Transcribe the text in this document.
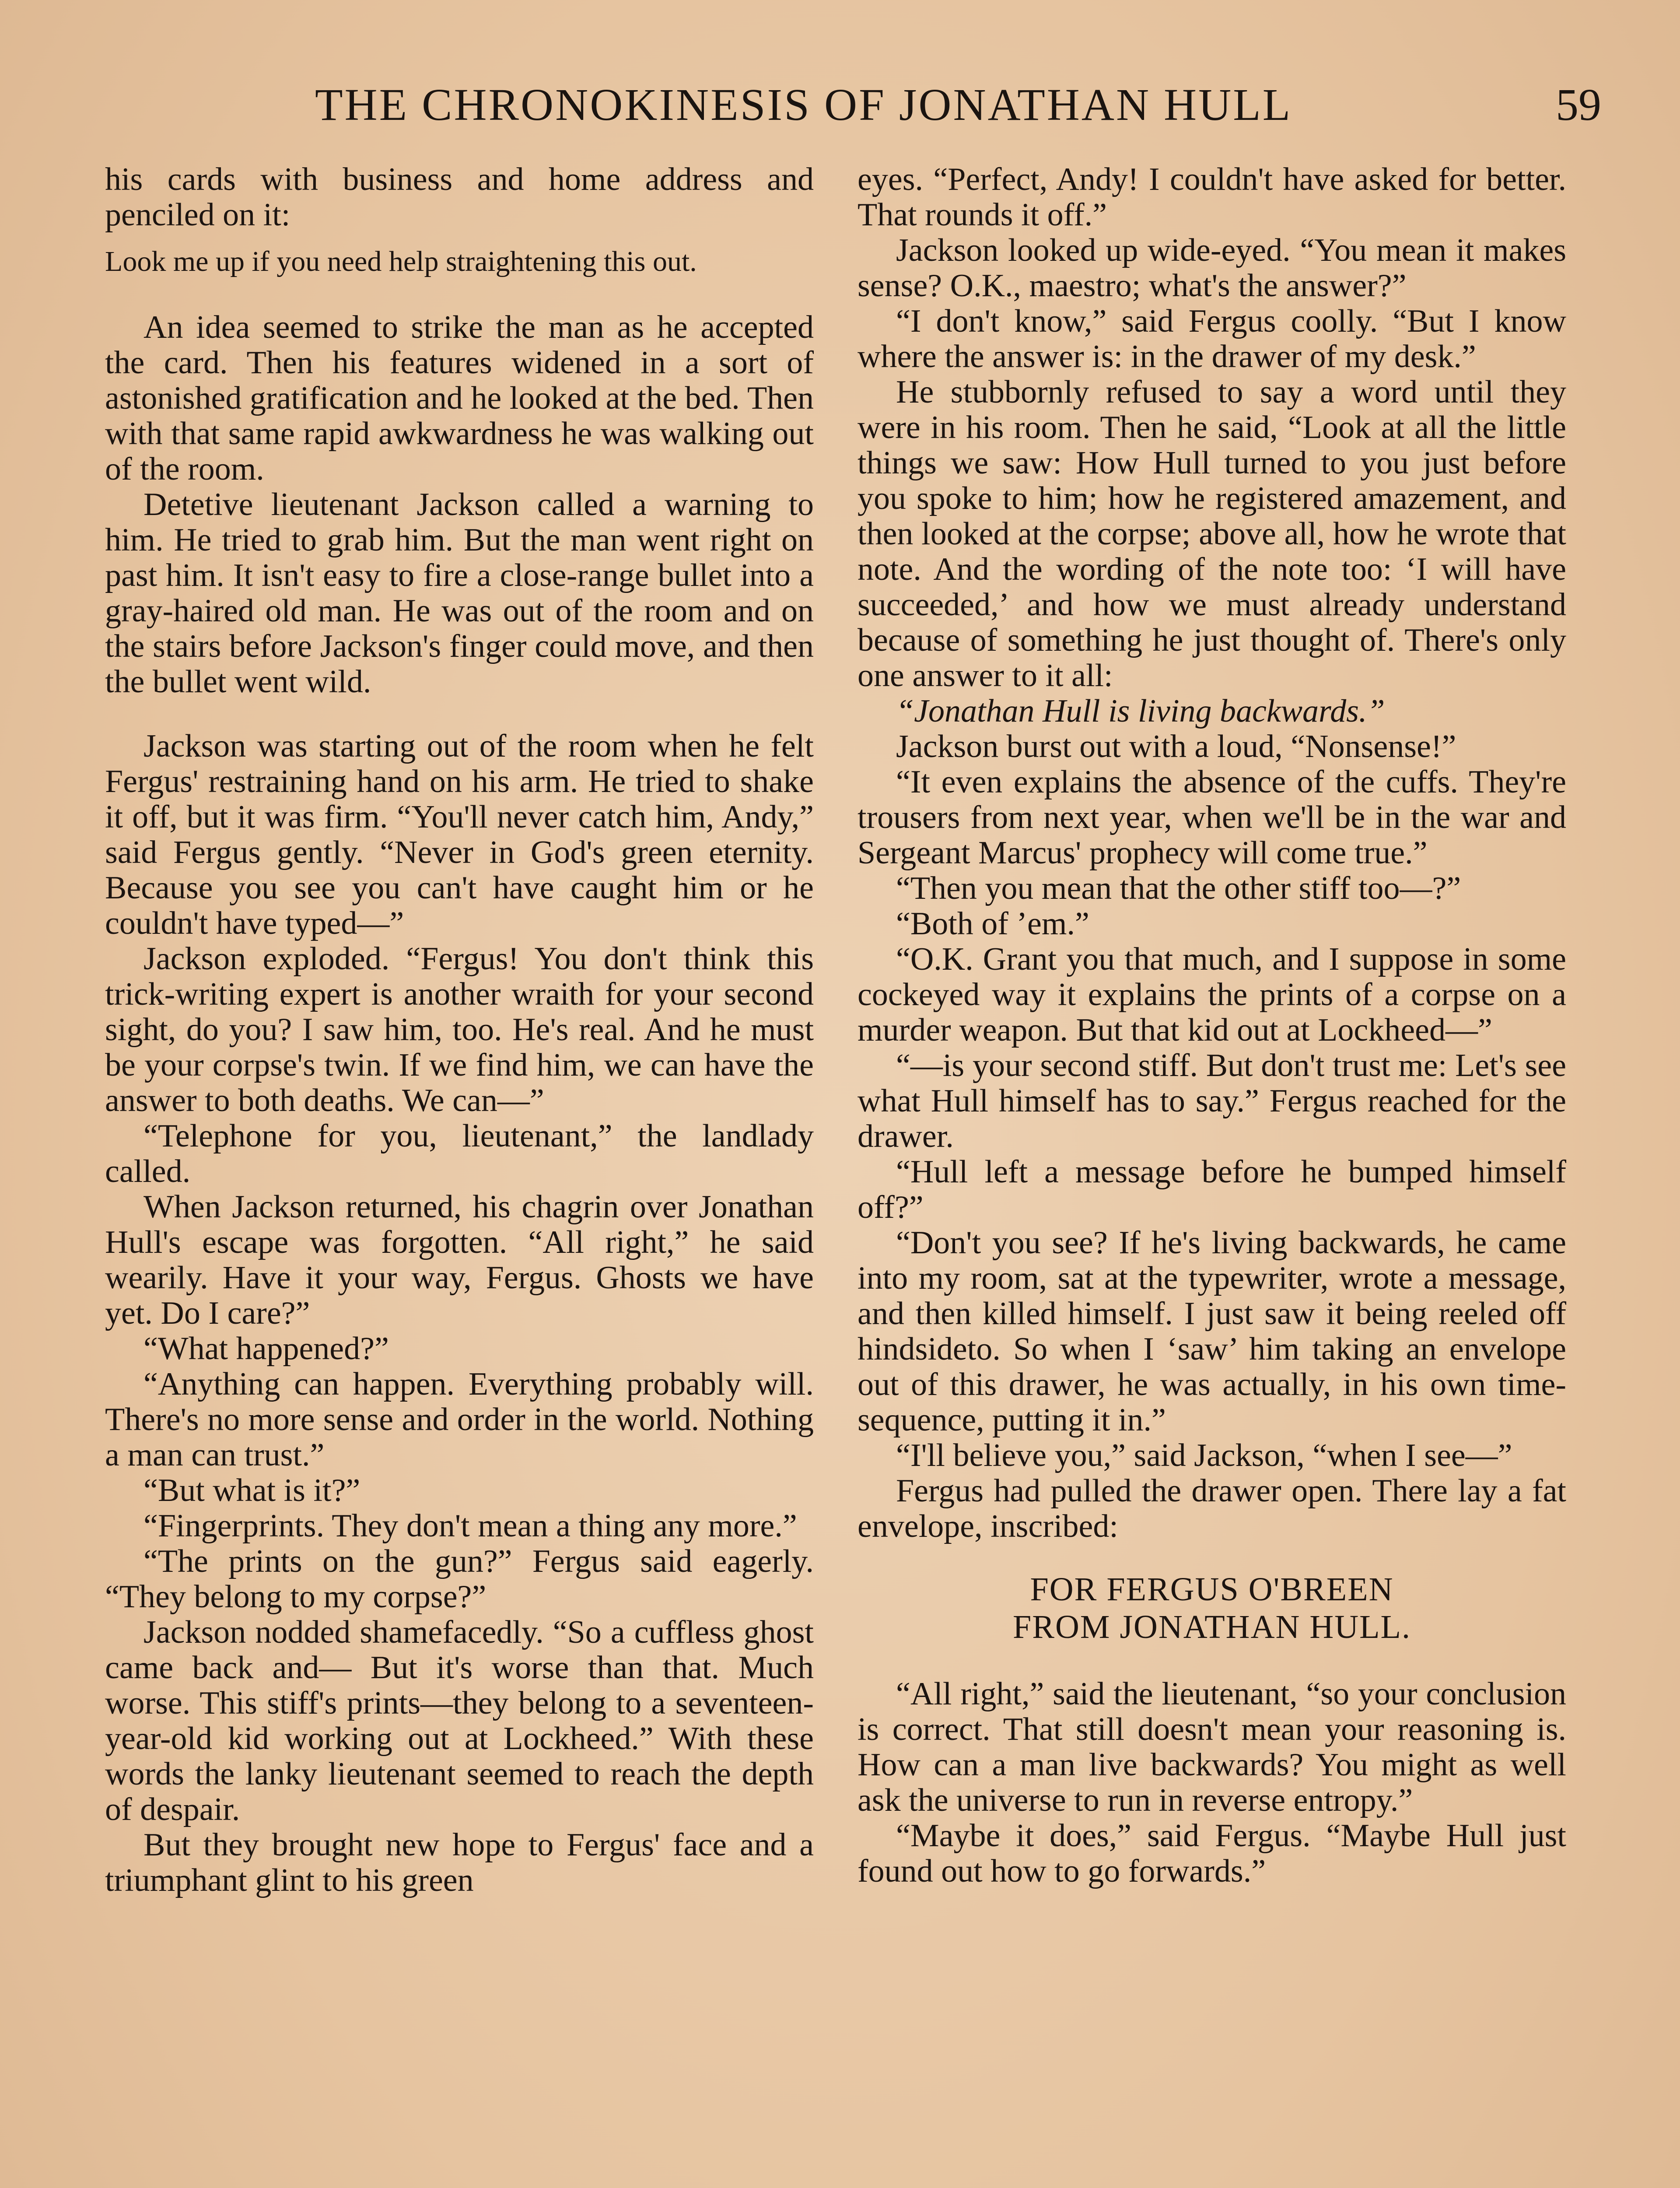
THE CHRONOKINESIS OF JONATHAN HULL	59

his cards with business and home address and penciled on it:

Look me up if you need help straightening this out.

An idea seemed to strike the man as he accepted the card. Then his features widened in a sort of astonished gratification and he looked at the bed. Then with that same rapid awkwardness he was walking out of the room.

Detetive lieutenant Jackson called a warning to him. He tried to grab him. But the man went right on past him. It isn't easy to fire a close-range bullet into a gray-haired old man. He was out of the room and on the stairs before Jackson's finger could move, and then the bullet went wild.

Jackson was starting out of the room when he felt Fergus' restraining hand on his arm. He tried to shake it off, but it was firm. “You'll never catch him, Andy,” said Fergus gently. “Never in God's green eternity. Because you see you can't have caught him or he couldn't have typed—”

Jackson exploded. “Fergus! You don't think this trick-writing expert is another wraith for your second sight, do you? I saw him, too. He's real. And he must be your corpse's twin. If we find him, we can have the answer to both deaths. We can—”

“Telephone for you, lieutenant,” the landlady called.

When Jackson returned, his chagrin over Jonathan Hull's escape was forgotten. “All right,” he said wearily. Have it your way, Fergus. Ghosts we have yet. Do I care?”

“What happened?”

“Anything can happen. Everything probably will. There's no more sense and order in the world. Nothing a man can trust.”

“But what is it?”

“Fingerprints. They don't mean a thing any more.”

“The prints on the gun?” Fergus said eagerly. “They belong to my corpse?”

Jackson nodded shamefacedly. “So a cuffless ghost came back and— But it's worse than that. Much worse. This stiff's prints—they belong to a seventeen-year-old kid working out at Lockheed.” With these words the lanky lieutenant seemed to reach the depth of despair.

But they brought new hope to Fergus' face and a triumphant glint to his green

eyes. “Perfect, Andy! I couldn't have asked for better. That rounds it off.”

Jackson looked up wide-eyed. “You mean it makes sense? O.K., maestro; what's the answer?”

“I don't know,” said Fergus coolly. “But I know where the answer is: in the drawer of my desk.”

He stubbornly refused to say a word until they were in his room. Then he said, “Look at all the little things we saw: How Hull turned to you just before you spoke to him; how he registered amazement, and then looked at the corpse; above all, how he wrote that note. And the wording of the note too: ‘I will have succeeded,’ and how we must already understand because of something he just thought of. There's only one answer to it all:

“Jonathan Hull is living backwards.”

Jackson burst out with a loud, “Nonsense!”

“It even explains the absence of the cuffs. They're trousers from next year, when we'll be in the war and Sergeant Marcus' prophecy will come true.”

“Then you mean that the other stiff too—?”

“Both of ’em.”

“O.K. Grant you that much, and I suppose in some cockeyed way it explains the prints of a corpse on a murder weapon. But that kid out at Lockheed—”

“—is your second stiff. But don't trust me: Let's see what Hull himself has to say.” Fergus reached for the drawer.

“Hull left a message before he bumped himself off?”

“Don't you see? If he's living backwards, he came into my room, sat at the typewriter, wrote a message, and then killed himself. I just saw it being reeled off hindsideto. So when I ‘saw’ him taking an envelope out of this drawer, he was actually, in his own time-sequence, putting it in.”

“I'll believe you,” said Jackson, “when I see—”

Fergus had pulled the drawer open. There lay a fat envelope, inscribed:

FOR FERGUS O'BREEN
FROM JONATHAN HULL.

“All right,” said the lieutenant, “so your conclusion is correct. That still doesn't mean your reasoning is. How can a man live backwards? You might as well ask the universe to run in reverse entropy.”

“Maybe it does,” said Fergus. “Maybe Hull just found out how to go forwards.”
